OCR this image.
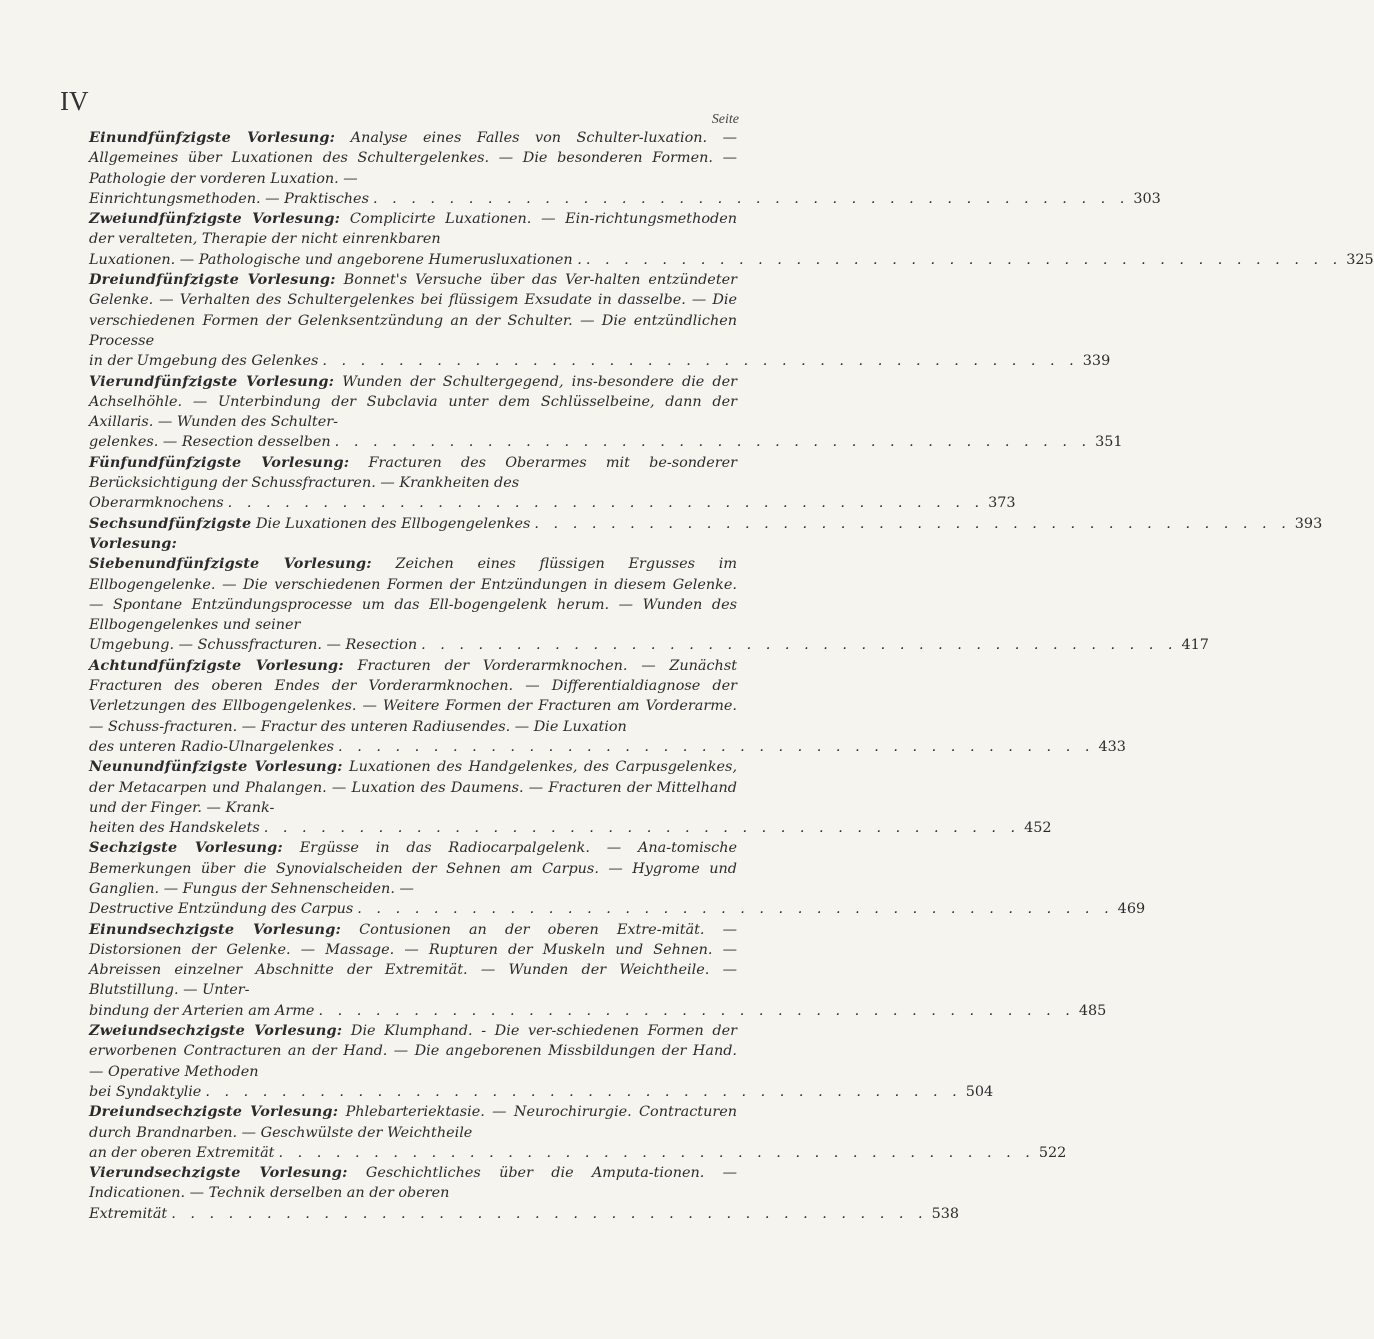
IV
Seite

Einundfünfzigste Vorlesung: Analyse eines Falles von Schulter-luxation. — Allgemeines über Luxationen des Schultergelenkes. — Die besonderen Formen. — Pathologie der vorderen Luxation. —

Einrichtungsmethoden. — Praktisches . . . . . . . . . . . . . . . . . . . . . . . . . . . . . . . . . . . . . . . . 303

Zweiundfünfzigste Vorlesung: Complicirte Luxationen. — Ein-richtungsmethoden der veralteten, Therapie der nicht einrenkbaren

Luxationen. — Pathologische und angeborene Humerusluxationen . . . . . . . . . . . . . . . . . . . . . . . . . . . . . . . . . . . . . . . . . 325

Dreiundfünfzigste Vorlesung: Bonnet's Versuche über das Ver-halten entzündeter Gelenke. — Verhalten des Schultergelenkes bei flüssigem Exsudate in dasselbe. — Die verschiedenen Formen der Gelenksentzündung an der Schulter. — Die entzündlichen Processe

in der Umgebung des Gelenkes . . . . . . . . . . . . . . . . . . . . . . . . . . . . . . . . . . . . . . . . 339

Vierundfünfzigste Vorlesung: Wunden der Schultergegend, ins-besondere die der Achselhöhle. — Unterbindung der Subclavia unter dem Schlüsselbeine, dann der Axillaris. — Wunden des Schulter-

gelenkes. — Resection desselben . . . . . . . . . . . . . . . . . . . . . . . . . . . . . . . . . . . . . . . . 351

Fünfundfünfzigste Vorlesung: Fracturen des Oberarmes mit be-sonderer Berücksichtigung der Schussfracturen. — Krankheiten des

Oberarmknochens . . . . . . . . . . . . . . . . . . . . . . . . . . . . . . . . . . . . . . . . 373
Sechsundfünfzigste Vorlesung:

Die Luxationen des Ellbogengelenkes . . . . . . . . . . . . . . . . . . . . . . . . . . . . . . . . . . . . . . . . 393

Siebenundfünfzigste Vorlesung: Zeichen eines flüssigen Ergusses im Ellbogengelenke. — Die verschiedenen Formen der Entzündungen in diesem Gelenke. — Spontane Entzündungsprocesse um das Ell-bogengelenk herum. — Wunden des Ellbogengelenkes und seiner

Umgebung. — Schussfracturen. — Resection . . . . . . . . . . . . . . . . . . . . . . . . . . . . . . . . . . . . . . . . 417

Achtundfünfzigste Vorlesung: Fracturen der Vorderarmknochen. — Zunächst Fracturen des oberen Endes der Vorderarmknochen. — Differentialdiagnose der Verletzungen des Ellbogengelenkes. — Weitere Formen der Fracturen am Vorderarme. — Schuss-fracturen. — Fractur des unteren Radiusendes. — Die Luxation

des unteren Radio-Ulnargelenkes . . . . . . . . . . . . . . . . . . . . . . . . . . . . . . . . . . . . . . . . 433

Neunundfünfzigste Vorlesung: Luxationen des Handgelenkes, des Carpusgelenkes, der Metacarpen und Phalangen. — Luxation des Daumens. — Fracturen der Mittelhand und der Finger. — Krank-

heiten des Handskelets . . . . . . . . . . . . . . . . . . . . . . . . . . . . . . . . . . . . . . . . 452

Sechzigste Vorlesung: Ergüsse in das Radiocarpalgelenk. — Ana-tomische Bemerkungen über die Synovialscheiden der Sehnen am Carpus. — Hygrome und Ganglien. — Fungus der Sehnenscheiden. —

Destructive Entzündung des Carpus . . . . . . . . . . . . . . . . . . . . . . . . . . . . . . . . . . . . . . . . 469

Einundsechzigste Vorlesung: Contusionen an der oberen Extre-mität. — Distorsionen der Gelenke. — Massage. — Rupturen der Muskeln und Sehnen. — Abreissen einzelner Abschnitte der Extremität. — Wunden der Weichtheile. — Blutstillung. — Unter-

bindung der Arterien am Arme . . . . . . . . . . . . . . . . . . . . . . . . . . . . . . . . . . . . . . . . 485

Zweiundsechzigste Vorlesung: Die Klumphand. - Die ver-schiedenen Formen der erworbenen Contracturen an der Hand. — Die angeborenen Missbildungen der Hand. — Operative Methoden

bei Syndaktylie . . . . . . . . . . . . . . . . . . . . . . . . . . . . . . . . . . . . . . . . 504

Dreiundsechzigste Vorlesung: Phlebarteriektasie. — Neurochirurgie. Contracturen durch Brandnarben. — Geschwülste der Weichtheile

an der oberen Extremität . . . . . . . . . . . . . . . . . . . . . . . . . . . . . . . . . . . . . . . . 522

Vierundsechzigste Vorlesung: Geschichtliches über die Amputa-tionen. — Indicationen. — Technik derselben an der oberen

Extremität . . . . . . . . . . . . . . . . . . . . . . . . . . . . . . . . . . . . . . . . 538
